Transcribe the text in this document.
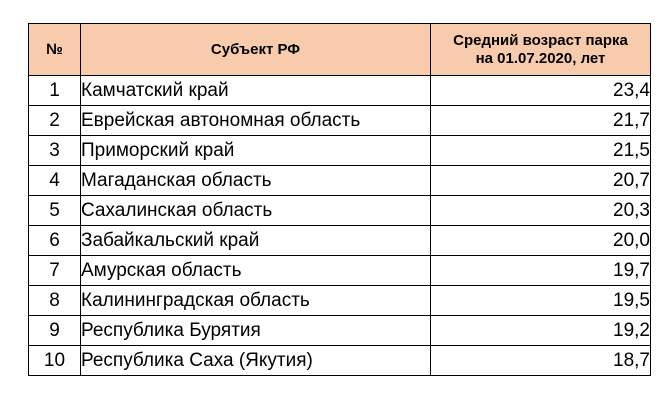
№	Субъект РФ	Средний возраст парка
на 01.07.2020, лет

1	Камчатский край	23,4
2	Еврейская автономная область	21,7
3	Приморский край	21,5
4	Магаданская область	20,7
5	Сахалинская область	20,3
6	Забайкальский край	20,0
7	Амурская область	19,7
8	Калининградская область	19,5
9	Республика Бурятия	19,2
10	Республика Саха (Якутия)	18,7
